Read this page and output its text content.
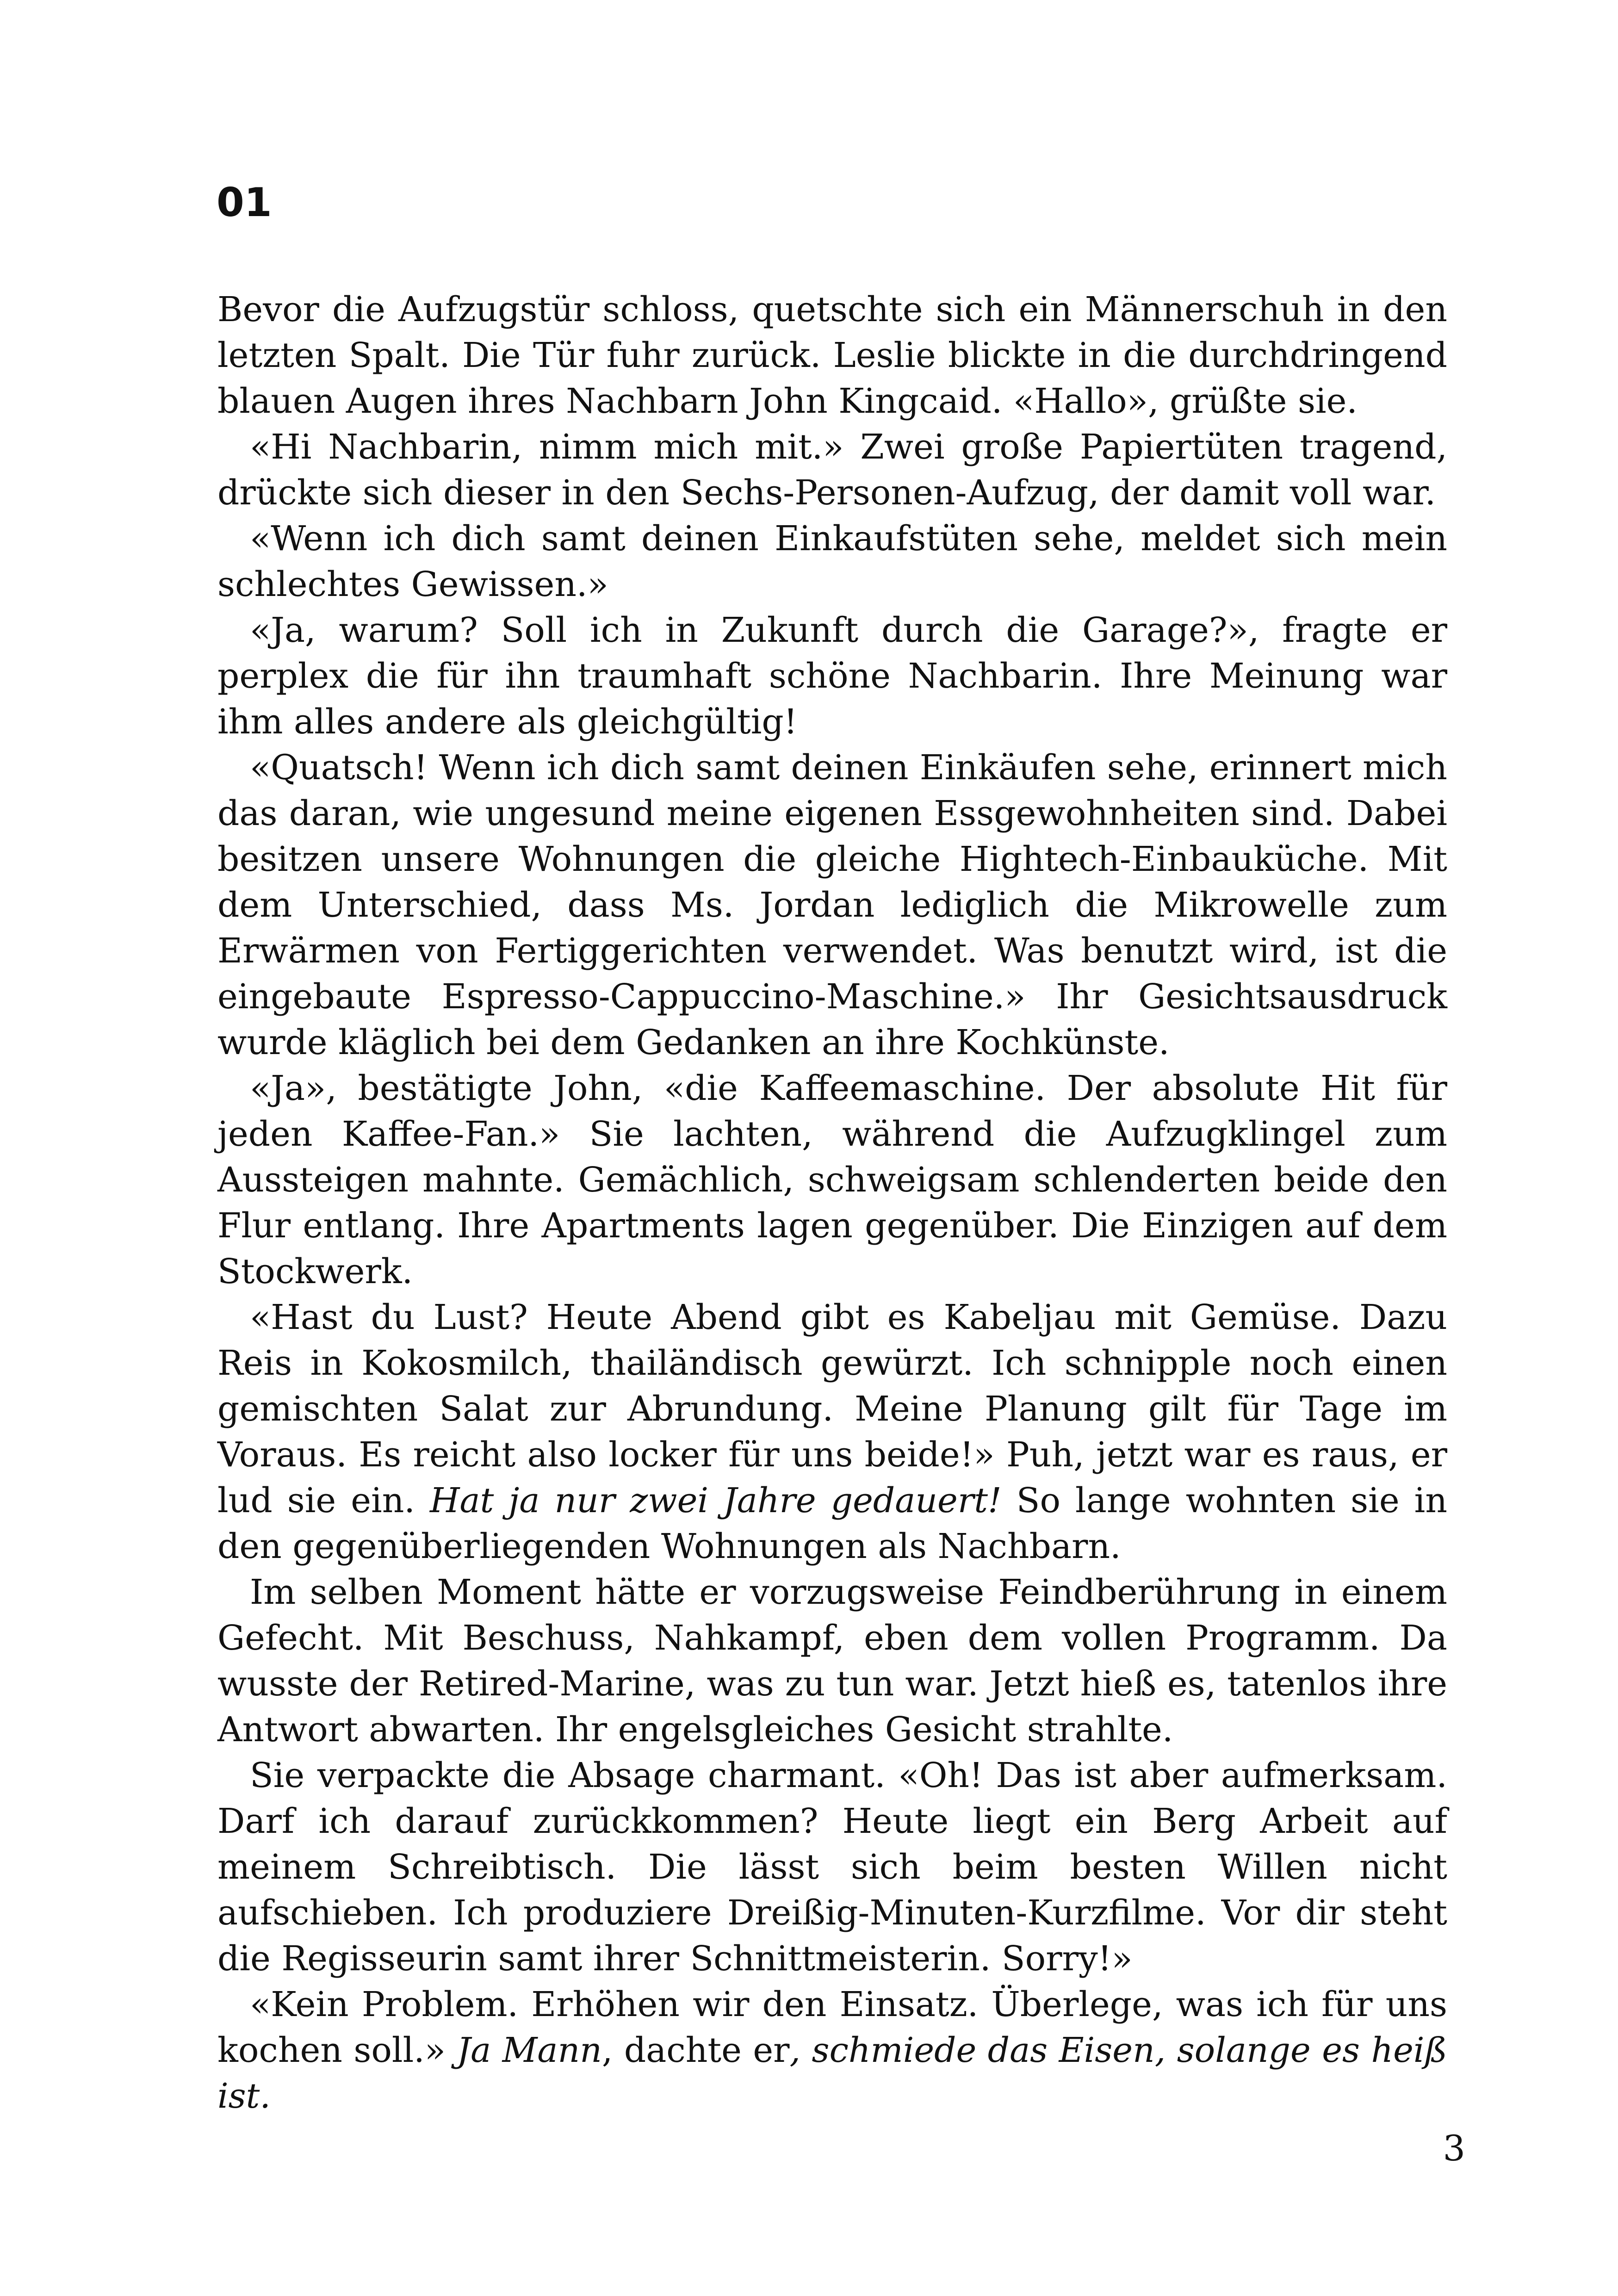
01

Bevor die Aufzugstür schloss, quetschte sich ein Männerschuh in den letzten Spalt. Die Tür fuhr zurück. Leslie blickte in die durchdringend blauen Augen ihres Nachbarn John Kingcaid. «Hallo», grüßte sie.

«Hi Nachbarin, nimm mich mit.» Zwei große Papiertüten tragend, drückte sich dieser in den Sechs-Personen-Aufzug, der damit voll war.

«Wenn ich dich samt deinen Einkaufstüten sehe, meldet sich mein schlechtes Gewissen.»

«Ja, warum? Soll ich in Zukunft durch die Garage?», fragte er perplex die für ihn traumhaft schöne Nachbarin. Ihre Meinung war ihm alles andere als gleichgültig!

«Quatsch! Wenn ich dich samt deinen Einkäufen sehe, erinnert mich das daran, wie ungesund meine eigenen Essgewohnheiten sind. Dabei besitzen unsere Wohnungen die gleiche Hightech-Einbauküche. Mit dem Unterschied, dass Ms. Jordan lediglich die Mikrowelle zum Erwärmen von Fertiggerichten verwendet. Was benutzt wird, ist die eingebaute Espresso-Cappuccino-Maschine.» Ihr Gesichtsausdruck wurde kläglich bei dem Gedanken an ihre Kochkünste.

«Ja», bestätigte John, «die Kaffeemaschine. Der absolute Hit für jeden Kaffee-Fan.» Sie lachten, während die Aufzugklingel zum Aussteigen mahnte. Gemächlich, schweigsam schlenderten beide den Flur entlang. Ihre Apartments lagen gegenüber. Die Einzigen auf dem Stockwerk.

«Hast du Lust? Heute Abend gibt es Kabeljau mit Gemüse. Dazu Reis in Kokosmilch, thailändisch gewürzt. Ich schnipple noch einen gemischten Salat zur Abrundung. Meine Planung gilt für Tage im Voraus. Es reicht also locker für uns beide!» Puh, jetzt war es raus, er lud sie ein. Hat ja nur zwei Jahre gedauert! So lange wohnten sie in den gegenüberliegenden Wohnungen als Nachbarn.

Im selben Moment hätte er vorzugsweise Feindberührung in einem Gefecht. Mit Beschuss, Nahkampf, eben dem vollen Programm. Da wusste der Retired-Marine, was zu tun war. Jetzt hieß es, tatenlos ihre Antwort abwarten. Ihr engelsgleiches Gesicht strahlte.

Sie verpackte die Absage charmant. «Oh! Das ist aber aufmerksam. Darf ich darauf zurückkommen? Heute liegt ein Berg Arbeit auf meinem Schreibtisch. Die lässt sich beim besten Willen nicht aufschieben. Ich produziere Dreißig-Minuten-Kurzfilme. Vor dir steht die Regisseurin samt ihrer Schnittmeisterin. Sorry!»

«Kein Problem. Erhöhen wir den Einsatz. Überlege, was ich für uns kochen soll.» Ja Mann, dachte er, schmiede das Eisen, solange es heiß ist.

3
